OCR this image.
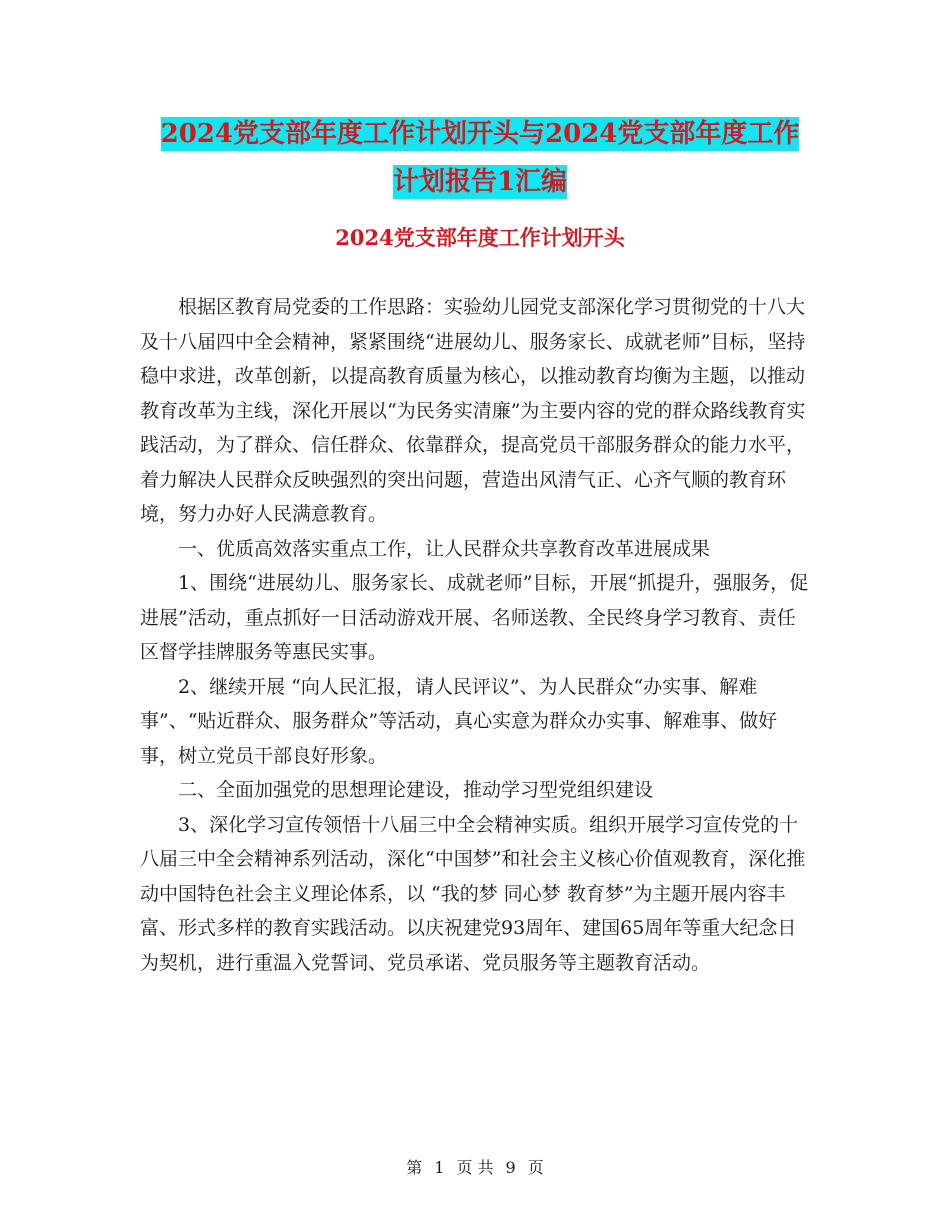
2024党支部年度工作计划开头与2024党支部年度工作
计划报告1汇编
2024党支部年度工作计划开头

根据区教育局党委的工作思路：实验幼儿园党支部深化学习贯彻党的十八大及十八届四中全会精神，紧紧围绕“进展幼儿、服务家长、成就老师”目标，坚持稳中求进，改革创新，以提高教育质量为核心，以推动教育均衡为主题，以推动教育改革为主线，深化开展以“为民务实清廉”为主要内容的党的群众路线教育实践活动，为了群众、信任群众、依靠群众，提高党员干部服务群众的能力水平，着力解决人民群众反映强烈的突出问题，营造出风清气正、心齐气顺的教育环境，努力办好人民满意教育。

一、优质高效落实重点工作，让人民群众共享教育改革进展成果

1、围绕“进展幼儿、服务家长、成就老师”目标，开展“抓提升，强服务，促进展”活动，重点抓好一日活动游戏开展、名师送教、全民终身学习教育、责任区督学挂牌服务等惠民实事。

2、继续开展 “向人民汇报，请人民评议”、为人民群众“办实事、解难事”、“贴近群众、服务群众”等活动，真心实意为群众办实事、解难事、做好事，树立党员干部良好形象。

二、全面加强党的思想理论建设，推动学习型党组织建设

3、深化学习宣传领悟十八届三中全会精神实质。组织开展学习宣传党的十八届三中全会精神系列活动，深化“中国梦”和社会主义核心价值观教育，深化推动中国特色社会主义理论体系，以 “我的梦 同心梦 教育梦”为主题开展内容丰富、形式多样的教育实践活动。以庆祝建党93周年、建国65周年等重大纪念日为契机，进行重温入党誓词、党员承诺、党员服务等主题教育活动。

第 1 页 共 9 页
